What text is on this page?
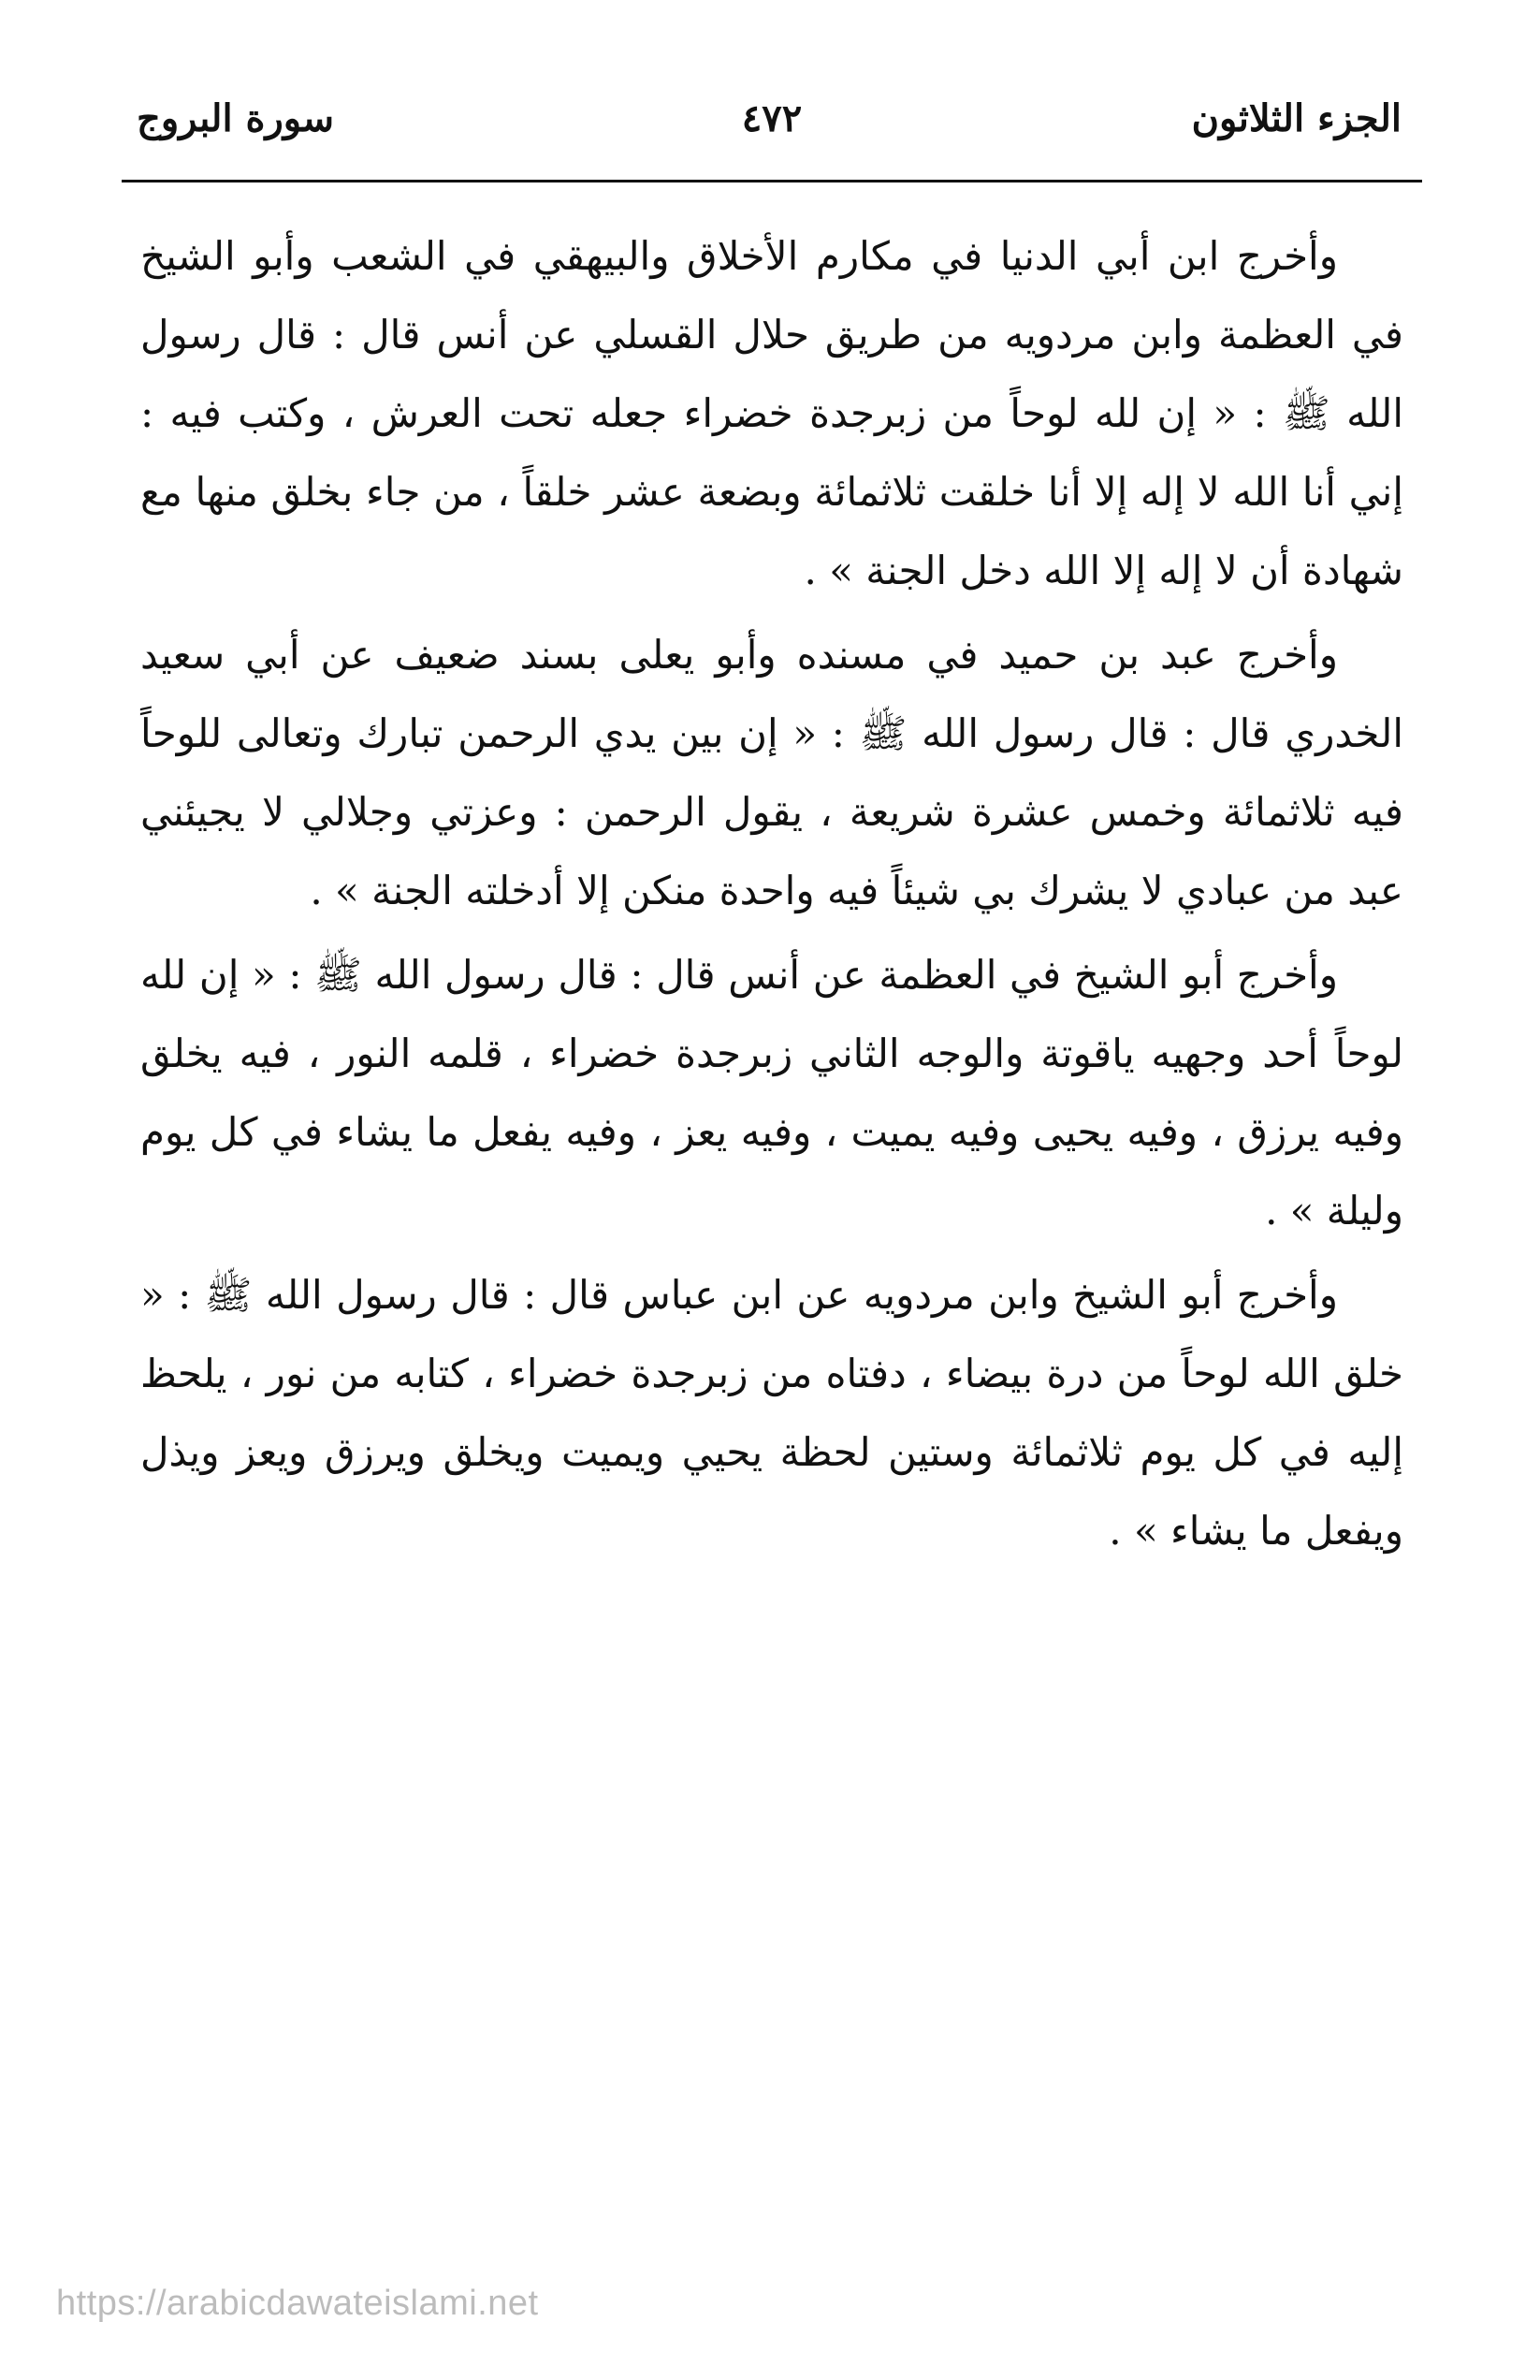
الجزء الثلاثون
٤٧٢
سورة البروج

وأخرج ابن أبي الدنيا في مكارم الأخلاق والبيهقي في الشعب وأبو الشيخ في العظمة وابن مردويه من طريق حلال القسلي عن أنس قال : قال رسول الله ﷺ : « إن لله لوحاً من زبرجدة خضراء جعله تحت العرش ، وكتب فيه : إني أنا الله لا إله إلا أنا خلقت ثلاثمائة وبضعة عشر خلقاً ، من جاء بخلق منها مع شهادة أن لا إله إلا الله دخل الجنة » .

وأخرج عبد بن حميد في مسنده وأبو يعلى بسند ضعيف عن أبي سعيد الخدري قال : قال رسول الله ﷺ : « إن بين يدي الرحمن تبارك وتعالى للوحاً فيه ثلاثمائة وخمس عشرة شريعة ، يقول الرحمن : وعزتي وجلالي لا يجيئني عبد من عبادي لا يشرك بي شيئاً فيه واحدة منكن إلا أدخلته الجنة » .

وأخرج أبو الشيخ في العظمة عن أنس قال : قال رسول الله ﷺ : « إن لله لوحاً أحد وجهيه ياقوتة والوجه الثاني زبرجدة خضراء ، قلمه النور ، فيه يخلق وفيه يرزق ، وفيه يحيى وفيه يميت ، وفيه يعز ، وفيه يفعل ما يشاء في كل يوم وليلة » .

وأخرج أبو الشيخ وابن مردويه عن ابن عباس قال : قال رسول الله ﷺ : « خلق الله لوحاً من درة بيضاء ، دفتاه من زبرجدة خضراء ، كتابه من نور ، يلحظ إليه في كل يوم ثلاثمائة وستين لحظة يحيي ويميت ويخلق ويرزق ويعز ويذل ويفعل ما يشاء » .

https://arabicdawateislami.net
